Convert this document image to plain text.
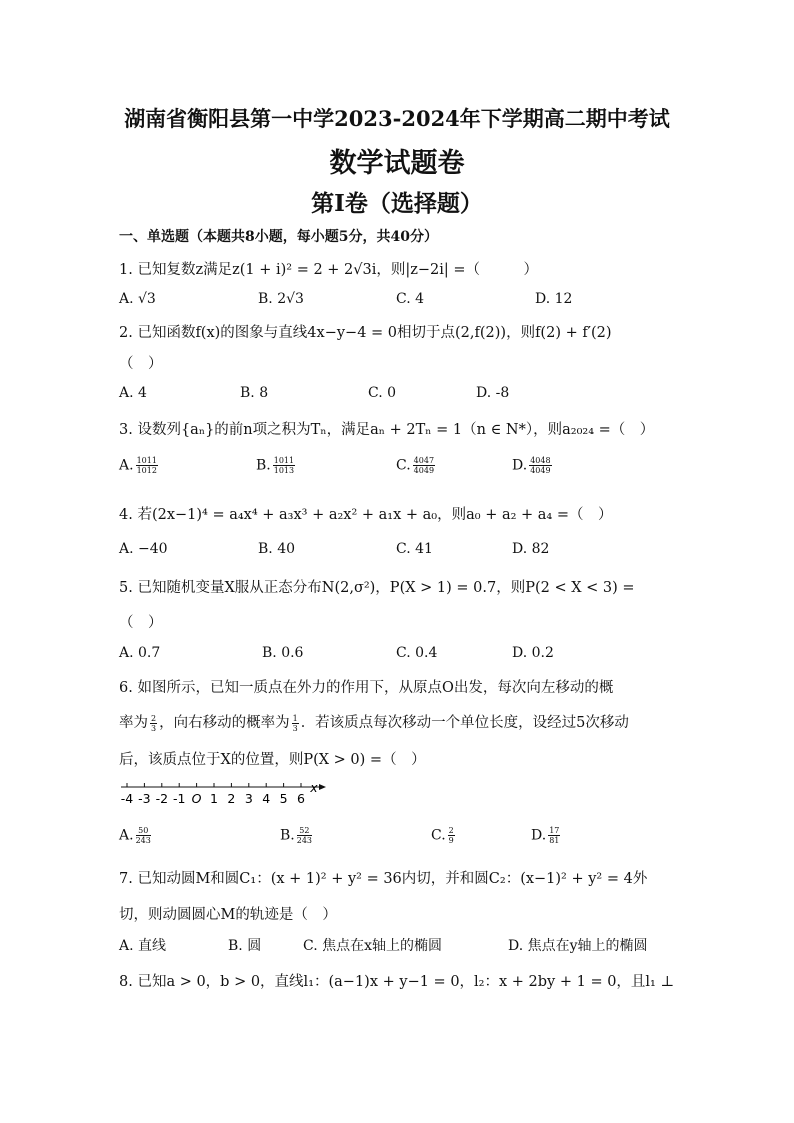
湖南省衡阳县第一中学2023-2024年下学期高二期中考试
数学试题卷
第Ⅰ卷（选择题）
一、单选题（本题共8小题，每小题5分，共40分）
1. 已知复数z满足z(1 + i)² = 2 + 2√3i，则|z−2i| =（　　　）
A. √3	B. 2√3	C. 4	D. 12
2. 已知函数f(x)的图象与直线4x−y−4 = 0相切于点(2,f(2))，则f(2) + f′(2)
（　）
A. 4	B. 8	C. 0	D. -8
3. 设数列{aₙ}的前n项之积为Tₙ，满足aₙ + 2Tₙ = 1（n ∈ N*），则a₂₀₂₄ =（　）
A. $\frac{1011}{1012}$	B. $\frac{1011}{1013}$	C. $\frac{4047}{4049}$	D. $\frac{4048}{4049}$
4. 若(2x−1)⁴ = a₄x⁴ + a₃x³ + a₂x² + a₁x + a₀，则a₀ + a₂ + a₄ =（　）
A. −40	B. 40	C. 41	D. 82
5. 已知随机变量X服从正态分布N(2,σ²)，P(X > 1) = 0.7，则P(2 < X < 3) =
（　）
A. 0.7	B. 0.6	C. 0.4	D. 0.2
6. 如图所示，已知一质点在外力的作用下，从原点O出发，每次向左移动的概
率为 $\frac{2}{3}$ ，向右移动的概率为 $\frac{1}{3}$ ．若该质点每次移动一个单位长度，设经过5次移动
后，该质点位于X的位置，则P(X > 0) =（　）
-4 -3 -2 -1 O 1 2 3 4 5 6
x
A. $\frac{50}{243}$	B. $\frac{52}{243}$	C. $\frac{2}{9}$	D. $\frac{17}{81}$
7. 已知动圆M和圆C₁：(x + 1)² + y² = 36内切，并和圆C₂：(x−1)² + y² = 4外
切，则动圆圆心M的轨迹是（　）
A. 直线	B. 圆	C. 焦点在x轴上的椭圆	D. 焦点在y轴上的椭圆
8. 已知a > 0，b > 0，直线l₁：(a−1)x + y−1 = 0，l₂：x + 2by + 1 = 0，且l₁ ⊥
